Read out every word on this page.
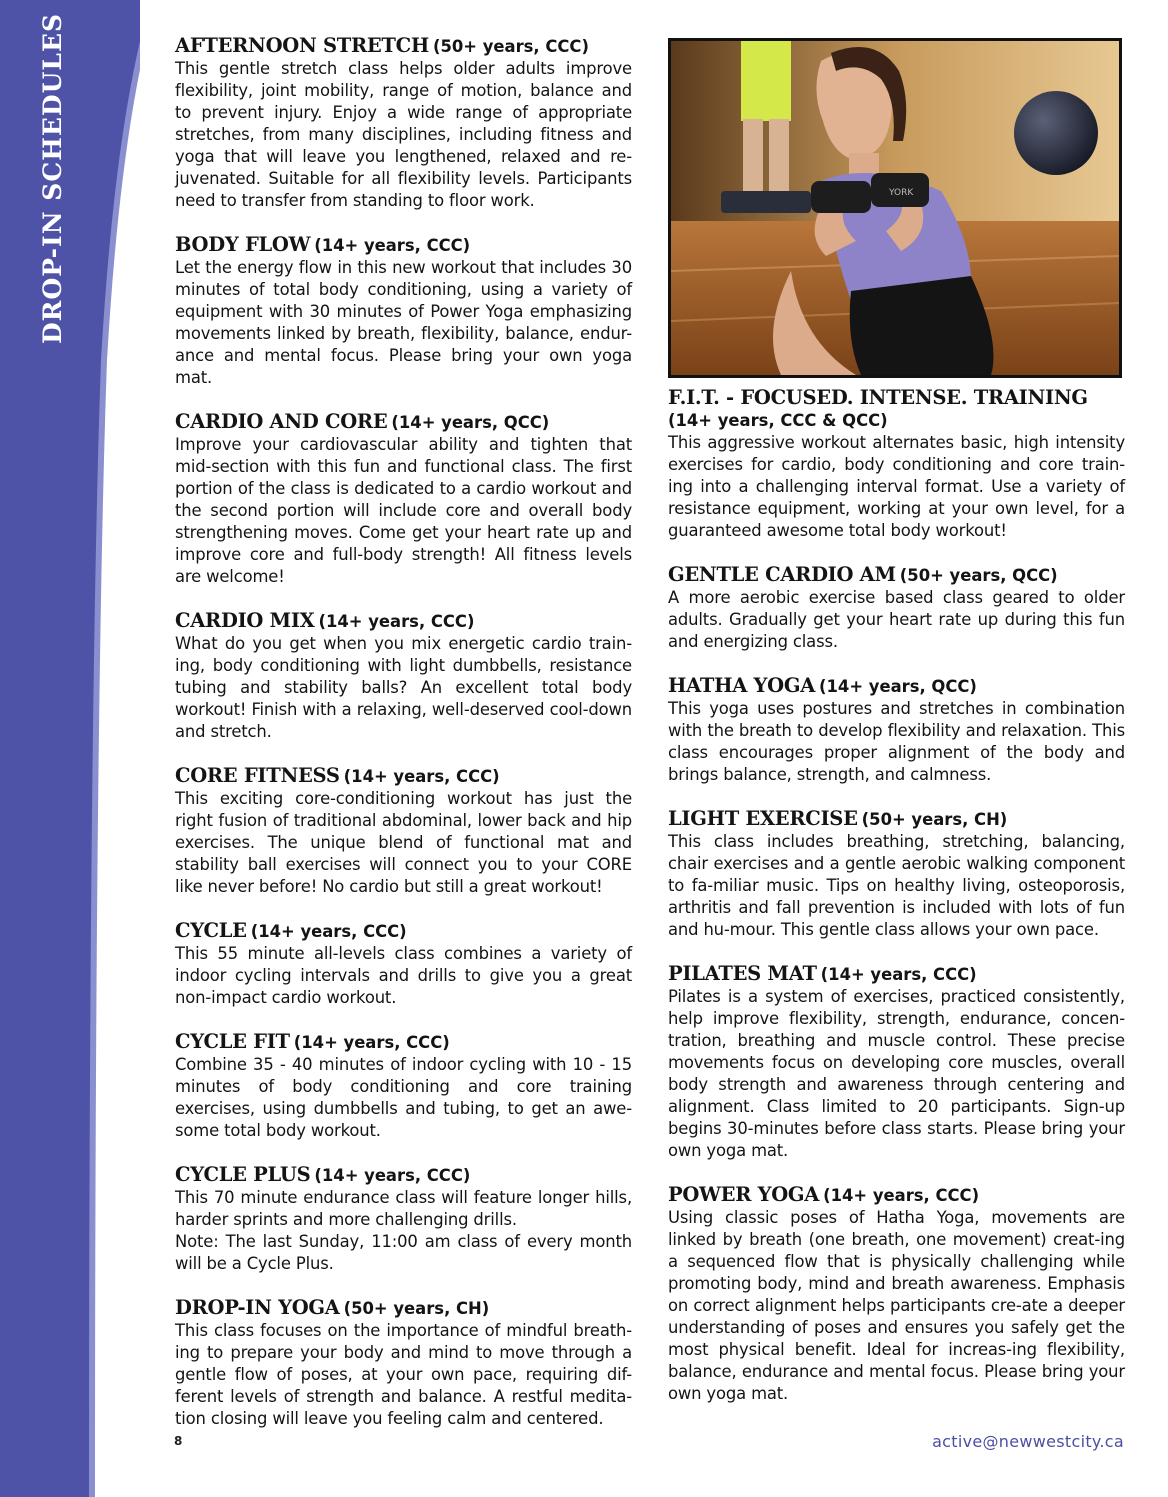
DROP-IN SCHEDULES	AFTERNOON STRETCH (50+ years, CCC)

This gentle stretch class helps older adults improve flexibility, joint mobility, range of motion, balance and to prevent injury. Enjoy a wide range of appropriate stretches, from many disciplines, including fitness and yoga that will leave you lengthened, relaxed and re-juvenated. Suitable for all flexibility levels. Participants need to transfer from standing to floor work.

BODY FLOW (14+ years, CCC)

Let the energy flow in this new workout that includes 30 minutes of total body conditioning, using a variety of equipment with 30 minutes of Power Yoga emphasizing movements linked by breath, flexibility, balance, endur-ance and mental focus. Please bring your own yoga mat.

CARDIO AND CORE (14+ years, QCC)

Improve your cardiovascular ability and tighten that mid-section with this fun and functional class. The first portion of the class is dedicated to a cardio workout and the second portion will include core and overall body strengthening moves. Come get your heart rate up and improve core and full-body strength! All fitness levels are welcome!

CARDIO MIX (14+ years, CCC)

What do you get when you mix energetic cardio train-ing, body conditioning with light dumbbells, resistance tubing and stability balls? An excellent total body workout! Finish with a relaxing, well-deserved cool-down and stretch.

CORE FITNESS (14+ years, CCC)

This exciting core-conditioning workout has just the right fusion of traditional abdominal, lower back and hip exercises. The unique blend of functional mat and stability ball exercises will connect you to your CORE like never before! No cardio but still a great workout!

CYCLE (14+ years, CCC)

This 55 minute all-levels class combines a variety of indoor cycling intervals and drills to give you a great non-impact cardio workout.

CYCLE FIT (14+ years, CCC)

Combine 35 - 40 minutes of indoor cycling with 10 - 15 minutes of body conditioning and core training exercises, using dumbbells and tubing, to get an awe-some total body workout.

CYCLE PLUS (14+ years, CCC)

This 70 minute endurance class will feature longer hills, harder sprints and more challenging drills.

Note: The last Sunday, 11:00 am class of every month will be a Cycle Plus.

DROP-IN YOGA (50+ years, CH)

This class focuses on the importance of mindful breath-ing to prepare your body and mind to move through a gentle flow of poses, at your own pace, requiring dif-ferent levels of strength and balance. A restful medita-tion closing will leave you feeling calm and centered.

YORK
F.I.T. - FOCUSED. INTENSE. TRAINING
(14+ years, CCC & QCC)

This aggressive workout alternates basic, high intensity exercises for cardio, body conditioning and core train-ing into a challenging interval format. Use a variety of resistance equipment, working at your own level, for a guaranteed awesome total body workout!

GENTLE CARDIO AM (50+ years, QCC)

A more aerobic exercise based class geared to older adults. Gradually get your heart rate up during this fun and energizing class.

HATHA YOGA (14+ years, QCC)

This yoga uses postures and stretches in combination with the breath to develop flexibility and relaxation. This class encourages proper alignment of the body and brings balance, strength, and calmness.

LIGHT EXERCISE (50+ years, CH)

This class includes breathing, stretching, balancing, chair exercises and a gentle aerobic walking component to fa-miliar music. Tips on healthy living, osteoporosis, arthritis and fall prevention is included with lots of fun and hu-mour. This gentle class allows your own pace.

PILATES MAT (14+ years, CCC)

Pilates is a system of exercises, practiced consistently, help improve flexibility, strength, endurance, concen-tration, breathing and muscle control. These precise movements focus on developing core muscles, overall body strength and awareness through centering and alignment. Class limited to 20 participants. Sign-up begins 30-minutes before class starts. Please bring your own yoga mat.

POWER YOGA (14+ years, CCC)

Using classic poses of Hatha Yoga, movements are linked by breath (one breath, one movement) creat-ing a sequenced flow that is physically challenging while promoting body, mind and breath awareness. Emphasis on correct alignment helps participants cre-ate a deeper understanding of poses and ensures you safely get the most physical benefit. Ideal for increas-ing flexibility, balance, endurance and mental focus. Please bring your own yoga mat.

8	active@newwestcity.ca
